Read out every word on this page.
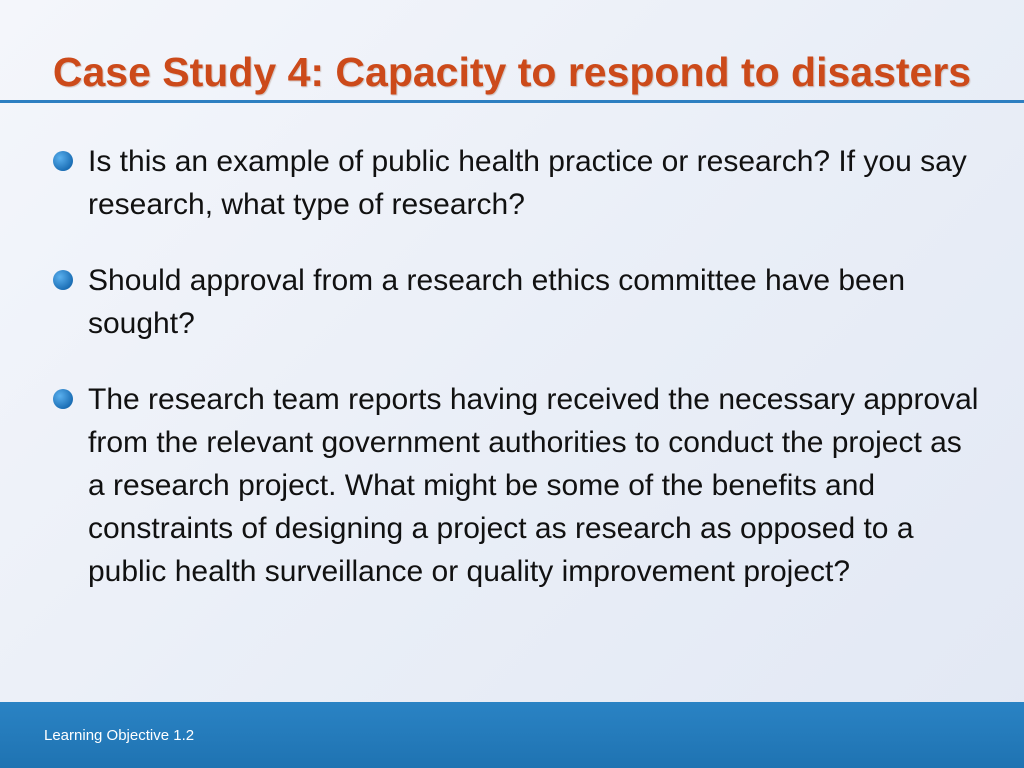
Case Study 4: Capacity to respond to disasters
Is this an example of public health practice or research? If you say research, what type of research?
Should approval from a research ethics committee have been sought?
The research team reports having received the necessary approval from the relevant government authorities to conduct the project as a research project. What might be some of the benefits and constraints of designing a project as research as opposed to a public health surveillance or quality improvement project?
Learning Objective 1.2
